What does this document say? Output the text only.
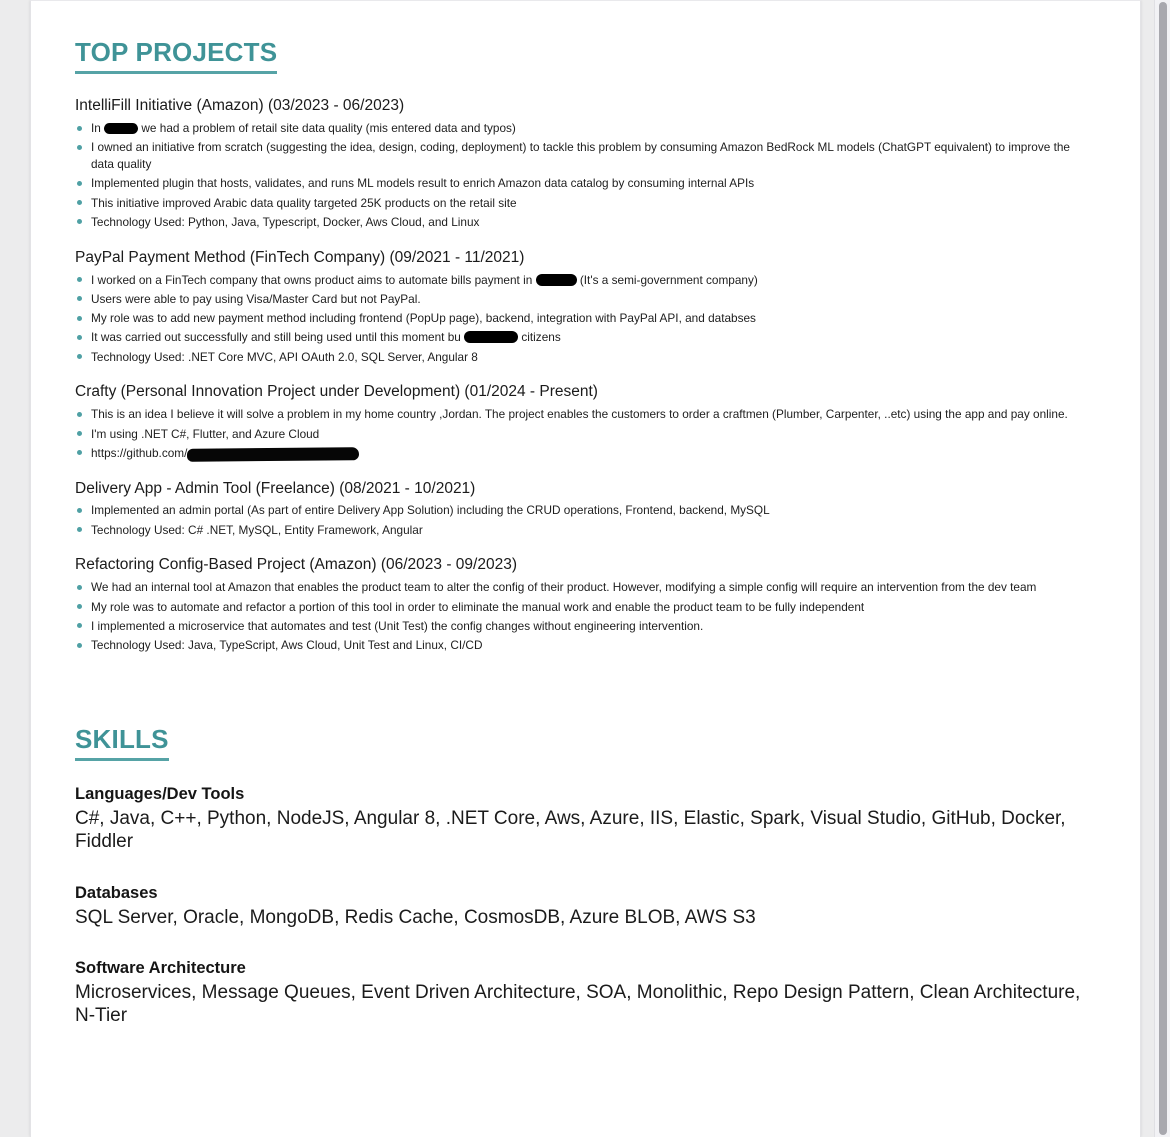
TOP PROJECTS
IntelliFill Initiative (Amazon) (03/2023 - 06/2023)
In	we had a problem of retail site data quality (mis entered data and typos)
I owned an initiative from scratch (suggesting the idea, design, coding, deployment) to tackle this problem by consuming Amazon BedRock ML models (ChatGPT equivalent) to improve the data quality
Implemented plugin that hosts, validates, and runs ML models result to enrich Amazon data catalog by consuming internal APIs
This initiative improved Arabic data quality targeted 25K products on the retail site
Technology Used: Python, Java, Typescript, Docker, Aws Cloud, and Linux
PayPal Payment Method (FinTech Company) (09/2021 - 11/2021)
I worked on a FinTech company that owns product aims to automate bills payment in	(It's a semi-government company)
Users were able to pay using Visa/Master Card but not PayPal.
My role was to add new payment method including frontend (PopUp page), backend, integration with PayPal API, and databses
It was carried out successfully and still being used until this moment bu	citizens
Technology Used: .NET Core MVC, API OAuth 2.0, SQL Server, Angular 8
Crafty (Personal Innovation Project under Development) (01/2024 - Present)
This is an idea I believe it will solve a problem in my home country ,Jordan. The project enables the customers to order a craftmen (Plumber, Carpenter, ..etc) using the app and pay online.
I'm using .NET C#, Flutter, and Azure Cloud
https://github.com/
Delivery App - Admin Tool (Freelance) (08/2021 - 10/2021)
Implemented an admin portal (As part of entire Delivery App Solution) including the CRUD operations, Frontend, backend, MySQL
Technology Used: C# .NET, MySQL, Entity Framework, Angular
Refactoring Config-Based Project (Amazon) (06/2023 - 09/2023)
We had an internal tool at Amazon that enables the product team to alter the config of their product. However, modifying a simple config will require an intervention from the dev team
My role was to automate and refactor a portion of this tool in order to eliminate the manual work and enable the product team to be fully independent
I implemented a microservice that automates and test (Unit Test) the config changes without engineering intervention.
Technology Used: Java, TypeScript, Aws Cloud, Unit Test and Linux, CI/CD
SKILLS
Languages/Dev Tools
C#, Java, C++, Python, NodeJS, Angular 8, .NET Core, Aws, Azure, IIS, Elastic, Spark, Visual Studio, GitHub, Docker, Fiddler
Databases
SQL Server, Oracle, MongoDB, Redis Cache, CosmosDB, Azure BLOB, AWS S3
Software Architecture
Microservices, Message Queues, Event Driven Architecture, SOA, Monolithic, Repo Design Pattern, Clean Architecture, N-Tier
